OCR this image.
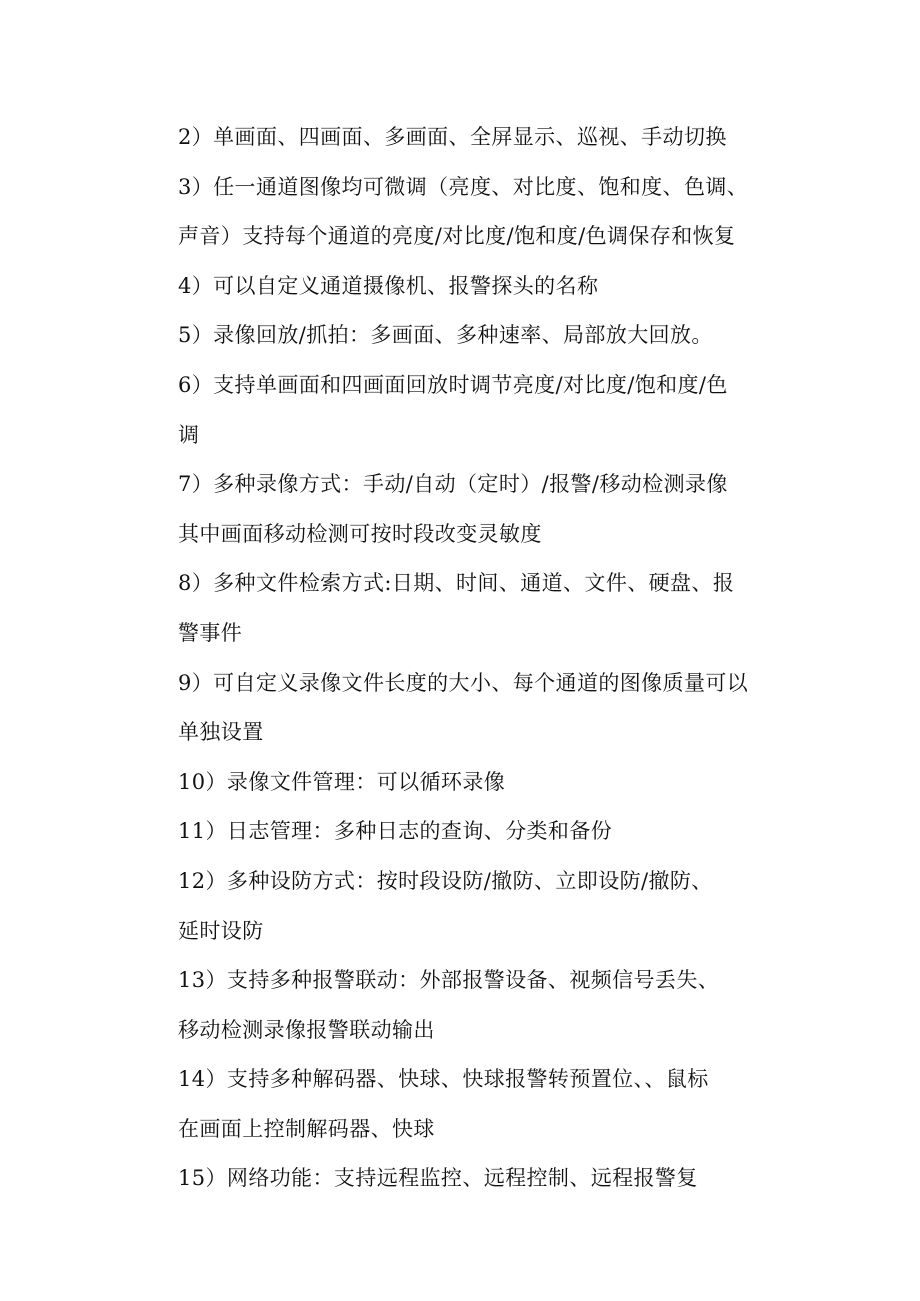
2）单画面、四画面、多画面、全屏显示、巡视、手动切换
3）任一通道图像均可微调（亮度、对比度、饱和度、色调、
声音）支持每个通道的亮度/对比度/饱和度/色调保存和恢复
4）可以自定义通道摄像机、报警探头的名称
5）录像回放/抓拍：多画面、多种速率、局部放大回放。
6）支持单画面和四画面回放时调节亮度/对比度/饱和度/色
调
7）多种录像方式：手动/自动（定时）/报警/移动检测录像
其中画面移动检测可按时段改变灵敏度
8）多种文件检索方式:日期、时间、通道、文件、硬盘、报
警事件
9）可自定义录像文件长度的大小、每个通道的图像质量可以
单独设置
10）录像文件管理：可以循环录像
11）日志管理：多种日志的查询、分类和备份
12）多种设防方式：按时段设防/撤防、立即设防/撤防、
延时设防
13）支持多种报警联动：外部报警设备、视频信号丢失、
移动检测录像报警联动输出
14）支持多种解码器、快球、快球报警转预置位、、鼠标
在画面上控制解码器、快球
15）网络功能：支持远程监控、远程控制、远程报警复
